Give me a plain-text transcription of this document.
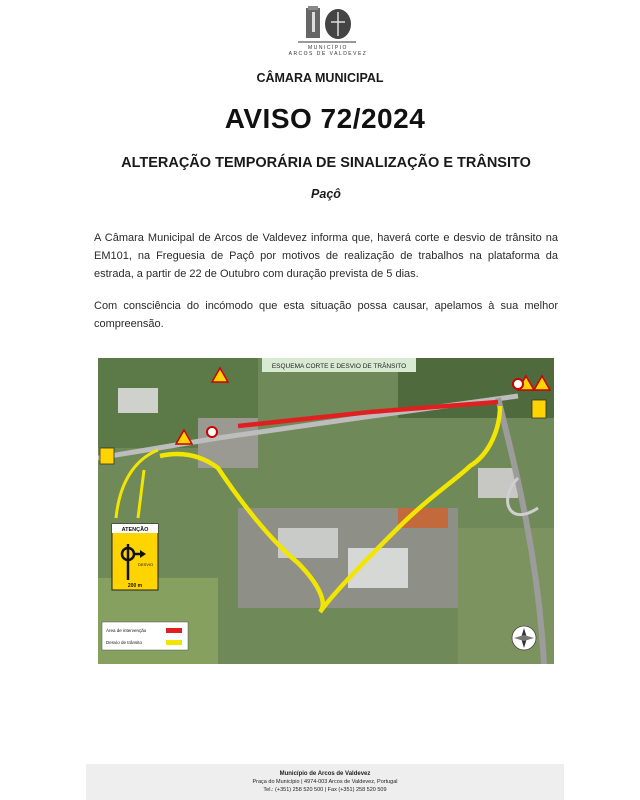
MUNICÍPIO
ARCOS DE VALDEVEZ
CÂMARA MUNICIPAL
AVISO 72/2024
ALTERAÇÃO TEMPORÁRIA DE SINALIZAÇÃO E TRÂNSITO
Paçô

A Câmara Municipal de Arcos de Valdevez informa que, haverá corte e desvio de trânsito na EM101, na Freguesia de Paçô por motivos de realização de trabalhos na plataforma da estrada, a partir de 22 de Outubro com duração prevista de 5 dias.

Com consciência do incómodo que esta situação possa causar, apelamos à sua melhor compreensão.

ESQUEMA CORTE E DESVIO DE TRÂNSITO
ATENÇÃO
DESVIO
200 m
Área de intervenção
Desvio de trânsito
Município de Arcos de Valdevez
Praça do Município | 4974-003 Arcos de Valdevez, Portugal
Tel.: (+351) 258 520 500 | Fax (+351) 258 520 509
